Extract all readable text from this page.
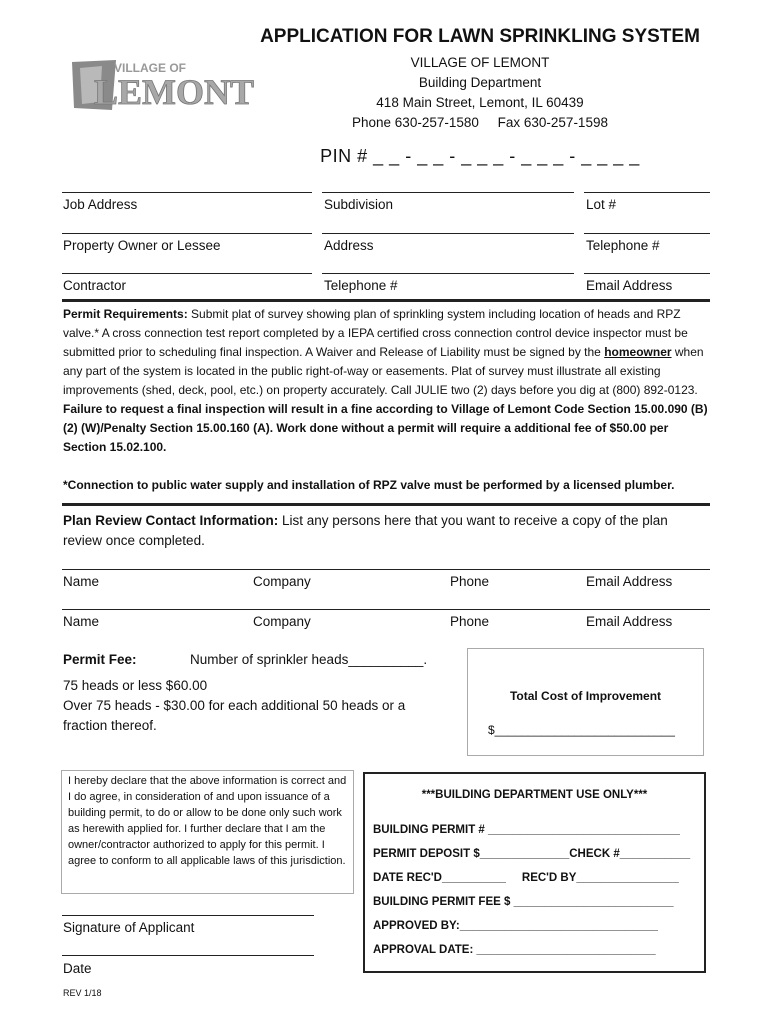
APPLICATION FOR LAWN SPRINKLING SYSTEM
VILLAGE OF
LEMONT
VILLAGE OF LEMONT
Building Department
418 Main Street, Lemont, IL 60439
Phone 630-257-1580 Fax 630-257-1598
PIN # _ _ - _ _ - _ _ _ - _ _ _ - _ _ _ _
Job Address	Subdivision	Lot #
Property Owner or Lessee	Address	Telephone #
Contractor	Telephone #	Email Address
Permit Requirements: Submit plat of survey showing plan of sprinkling system including location of heads and RPZ valve.* A cross connection test report completed by a IEPA certified cross connection control device inspector must be submitted prior to scheduling final inspection. A Waiver and Release of Liability must be signed by the homeowner when any part of the system is located in the public right-of-way or easements. Plat of survey must illustrate all existing improvements (shed, deck, pool, etc.) on property accurately. Call JULIE two (2) days before you dig at (800) 892-0123. Failure to request a final inspection will result in a fine according to Village of Lemont Code Section 15.00.090 (B) (2) (W)/Penalty Section 15.00.160 (A). Work done without a permit will require a additional fee of $50.00 per Section 15.02.100.
*Connection to public water supply and installation of RPZ valve must be performed by a licensed plumber.
Plan Review Contact Information: List any persons here that you want to receive a copy of the plan review once completed.
Name	Company	Phone	Email Address
Name	Company	Phone	Email Address
Permit Fee:	Number of sprinkler heads__________.
75 heads or less $60.00
Over 75 heads - $30.00 for each additional 50 heads or a fraction thereof.
Total Cost of Improvement
$___________________________
I hereby declare that the above information is correct and I do agree, in consideration of and upon issuance of a building permit, to do or allow to be done only such work as herewith applied for. I further declare that I am the owner/contractor authorized to apply for this permit. I agree to conform to all applicable laws of this jurisdiction.
Signature of Applicant
Date
REV 1/18
***BUILDING DEPARTMENT USE ONLY***
BUILDING PERMIT # ______________________________
PERMIT DEPOSIT $______________CHECK #___________
DATE REC'D__________     REC'D BY________________
BUILDING PERMIT FEE $ _________________________
APPROVED BY:_______________________________
APPROVAL DATE: ____________________________
